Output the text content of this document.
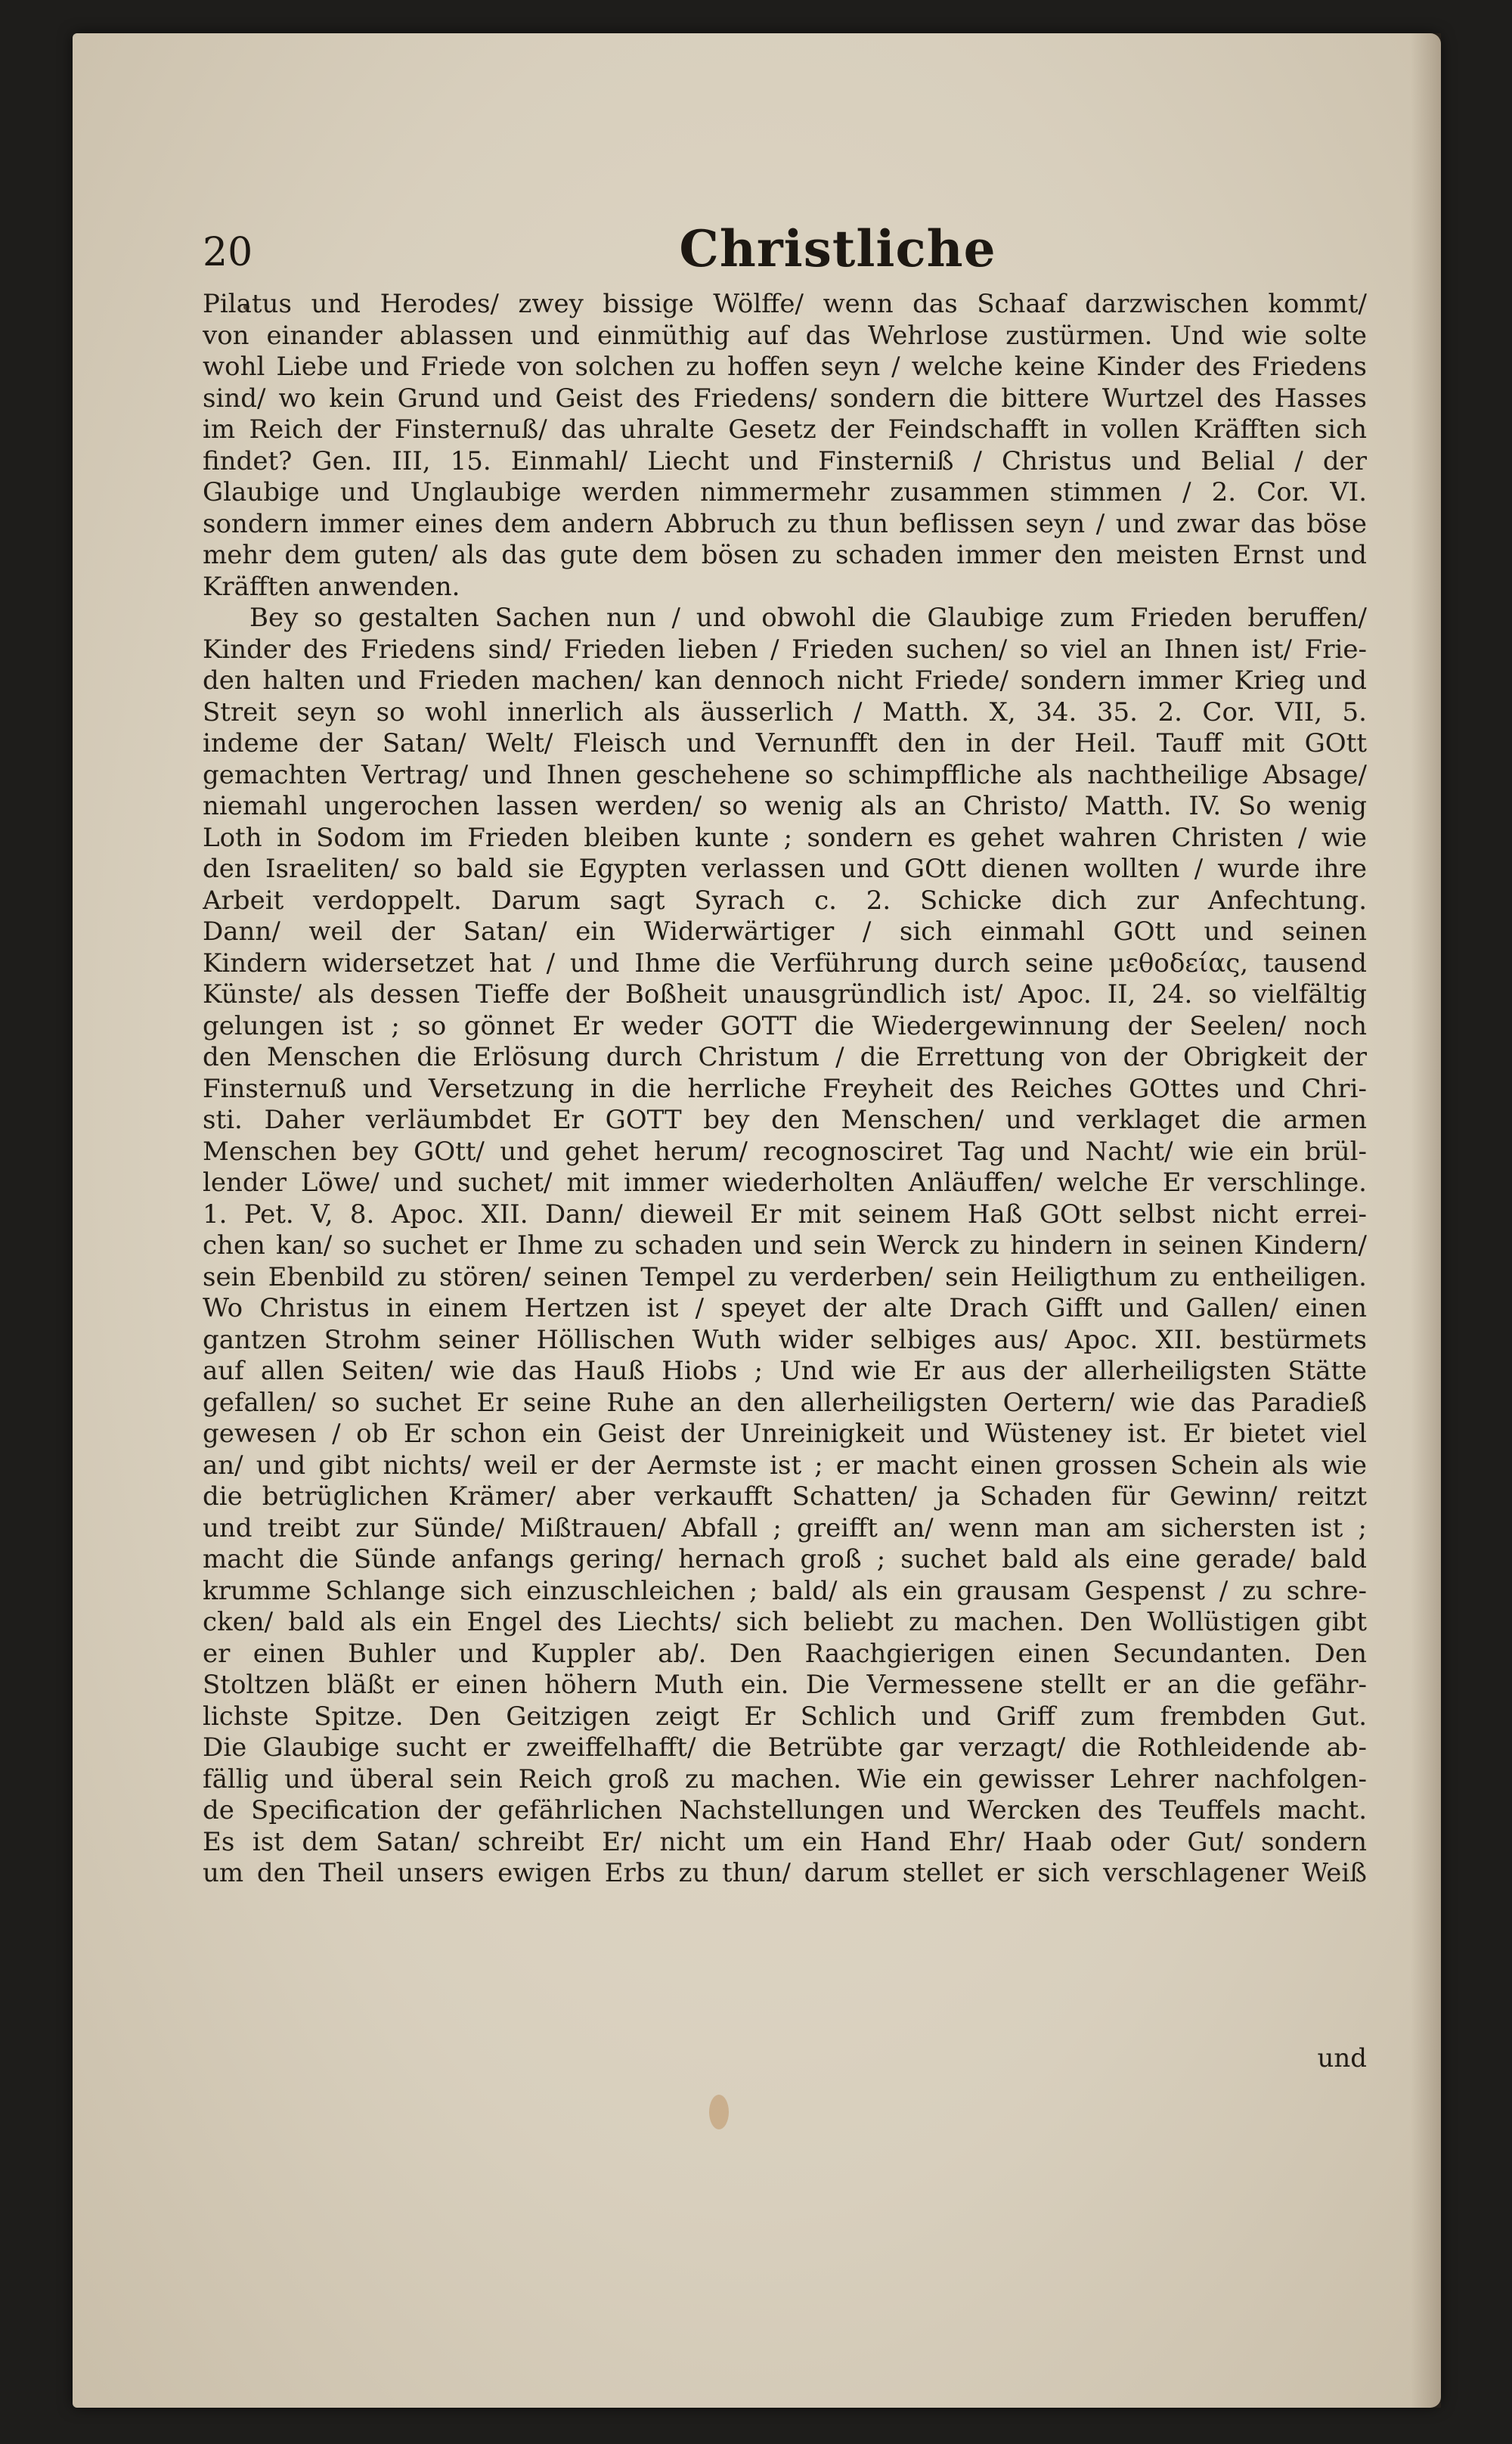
20	Christliche
Pilatus und Herodes/ zwey bissige Wölffe/ wenn das Schaaf darzwischen kommt/
von einander ablassen und einmüthig auf das Wehrlose zustürmen. Und wie solte
wohl Liebe und Friede von solchen zu hoffen seyn / welche keine Kinder des Friedens
sind/ wo kein Grund und Geist des Friedens/ sondern die bittere Wurtzel des Hasses
im Reich der Finsternuß/ das uhralte Gesetz der Feindschafft in vollen Kräfften sich
findet? Gen. III, 15. Einmahl/ Liecht und Finsterniß / Christus und Belial / der
Glaubige und Unglaubige werden nimmermehr zusammen stimmen / 2. Cor. VI.
sondern immer eines dem andern Abbruch zu thun beflissen seyn / und zwar das böse
mehr dem guten/ als das gute dem bösen zu schaden immer den meisten Ernst und
Kräfften anwenden.
Bey so gestalten Sachen nun / und obwohl die Glaubige zum Frieden beruffen/
Kinder des Friedens sind/ Frieden lieben / Frieden suchen/ so viel an Ihnen ist/ Frie-
den halten und Frieden machen/ kan dennoch nicht Friede/ sondern immer Krieg und
Streit seyn so wohl innerlich als äusserlich / Matth. X, 34. 35. 2. Cor. VII, 5.
indeme der Satan/ Welt/ Fleisch und Vernunfft den in der Heil. Tauff mit GOtt
gemachten Vertrag/ und Ihnen geschehene so schimpffliche als nachtheilige Absage/
niemahl ungerochen lassen werden/ so wenig als an Christo/ Matth. IV. So wenig
Loth in Sodom im Frieden bleiben kunte ; sondern es gehet wahren Christen / wie
den Israeliten/ so bald sie Egypten verlassen und GOtt dienen wollten / wurde ihre
Arbeit verdoppelt. Darum sagt Syrach c. 2. Schicke dich zur Anfechtung.
Dann/ weil der Satan/ ein Widerwärtiger / sich einmahl GOtt und seinen
Kindern widersetzet hat / und Ihme die Verführung durch seine μεθοδείας, tausend
Künste/ als dessen Tieffe der Boßheit unausgründlich ist/ Apoc. II, 24. so vielfältig
gelungen ist ; so gönnet Er weder GOTT die Wiedergewinnung der Seelen/ noch
den Menschen die Erlösung durch Christum / die Errettung von der Obrigkeit der
Finsternuß und Versetzung in die herrliche Freyheit des Reiches GOttes und Chri-
sti. Daher verläumbdet Er GOTT bey den Menschen/ und verklaget die armen
Menschen bey GOtt/ und gehet herum/ recognosciret Tag und Nacht/ wie ein brül-
lender Löwe/ und suchet/ mit immer wiederholten Anläuffen/ welche Er verschlinge.
1. Pet. V, 8. Apoc. XII. Dann/ dieweil Er mit seinem Haß GOtt selbst nicht errei-
chen kan/ so suchet er Ihme zu schaden und sein Werck zu hindern in seinen Kindern/
sein Ebenbild zu stören/ seinen Tempel zu verderben/ sein Heiligthum zu entheiligen.
Wo Christus in einem Hertzen ist / speyet der alte Drach Gifft und Gallen/ einen
gantzen Strohm seiner Höllischen Wuth wider selbiges aus/ Apoc. XII. bestürmets
auf allen Seiten/ wie das Hauß Hiobs ; Und wie Er aus der allerheiligsten Stätte
gefallen/ so suchet Er seine Ruhe an den allerheiligsten Oertern/ wie das Paradieß
gewesen / ob Er schon ein Geist der Unreinigkeit und Wüsteney ist. Er bietet viel
an/ und gibt nichts/ weil er der Aermste ist ; er macht einen grossen Schein als wie
die betrüglichen Krämer/ aber verkaufft Schatten/ ja Schaden für Gewinn/ reitzt
und treibt zur Sünde/ Mißtrauen/ Abfall ; greifft an/ wenn man am sichersten ist ;
macht die Sünde anfangs gering/ hernach groß ; suchet bald als eine gerade/ bald
krumme Schlange sich einzuschleichen ; bald/ als ein grausam Gespenst / zu schre-
cken/ bald als ein Engel des Liechts/ sich beliebt zu machen. Den Wollüstigen gibt
er einen Buhler und Kuppler ab/. Den Raachgierigen einen Secundanten. Den
Stoltzen bläßt er einen höhern Muth ein. Die Vermessene stellt er an die gefähr-
lichste Spitze. Den Geitzigen zeigt Er Schlich und Griff zum frembden Gut.
Die Glaubige sucht er zweiffelhafft/ die Betrübte gar verzagt/ die Rothleidende ab-
fällig und überal sein Reich groß zu machen. Wie ein gewisser Lehrer nachfolgen-
de Specification der gefährlichen Nachstellungen und Wercken des Teuffels macht.
Es ist dem Satan/ schreibt Er/ nicht um ein Hand Ehr/ Haab oder Gut/ sondern
um den Theil unsers ewigen Erbs zu thun/ darum stellet er sich verschlagener Weiß
und
